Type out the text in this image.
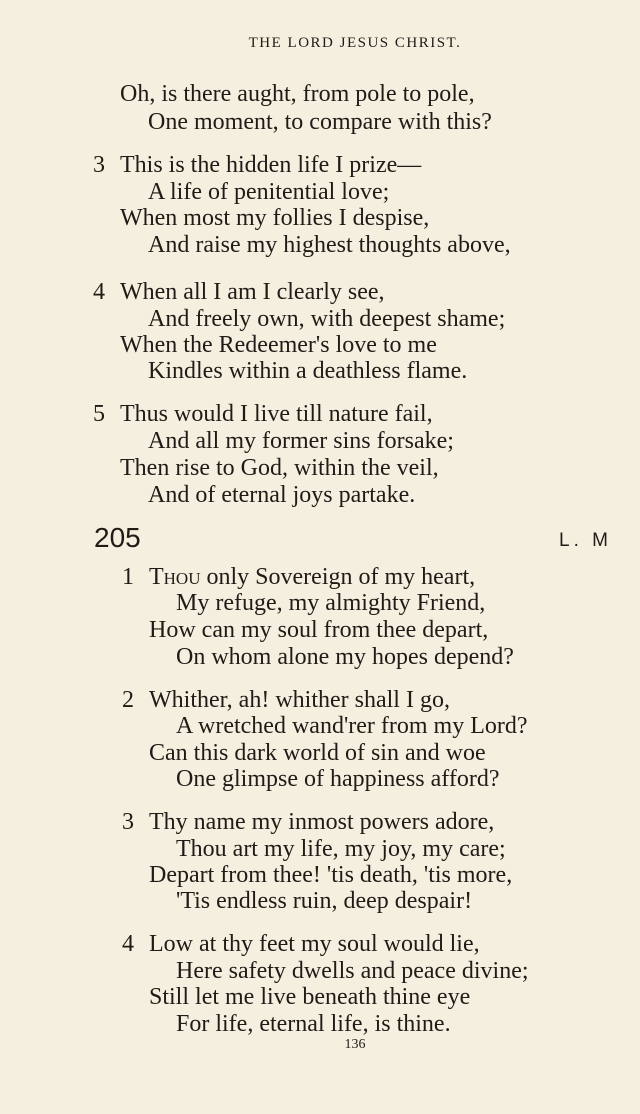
THE LORD JESUS CHRIST.
Oh, is there aught, from pole to pole,
One moment, to compare with this?
3 This is the hidden life I prize—
A life of penitential love;
When most my follies I despise,
And raise my highest thoughts above,
4 When all I am I clearly see,
And freely own, with deepest shame;
When the Redeemer's love to me
Kindles within a deathless flame.
5 Thus would I live till nature fail,
And all my former sins forsake;
Then rise to God, within the veil,
And of eternal joys partake.
205	L. M
1 Thou only Sovereign of my heart,
My refuge, my almighty Friend,
How can my soul from thee depart,
On whom alone my hopes depend?
2 Whither, ah! whither shall I go,
A wretched wand'rer from my Lord?
Can this dark world of sin and woe
One glimpse of happiness afford?
3 Thy name my inmost powers adore,
Thou art my life, my joy, my care;
Depart from thee! 'tis death, 'tis more,
'Tis endless ruin, deep despair!
4 Low at thy feet my soul would lie,
Here safety dwells and peace divine;
Still let me live beneath thine eye
For life, eternal life, is thine.
136
